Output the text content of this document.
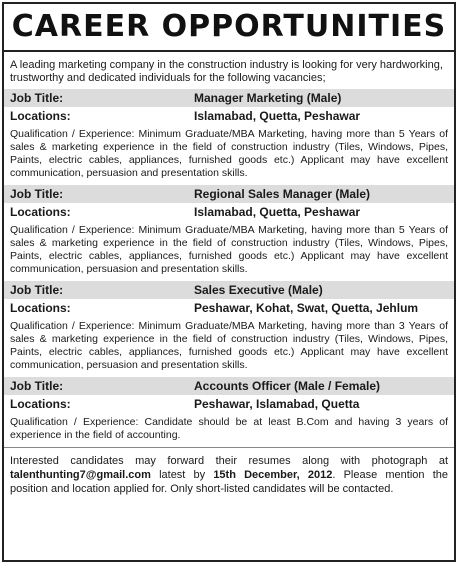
CAREER OPPORTUNITIES
A leading marketing company in the construction industry is looking for very hardworking, trustworthy and dedicated individuals for the following vacancies;
Job Title:	Manager Marketing (Male)
Locations:	Islamabad, Quetta, Peshawar
Qualification / Experience: Minimum Graduate/MBA Marketing, having more than 5 Years of sales & marketing experience in the field of construction industry (Tiles, Windows, Pipes, Paints, electric cables, appliances, furnished goods etc.) Applicant may have excellent communication, persuasion and presentation skills.
Job Title:	Regional Sales Manager (Male)
Locations:	Islamabad, Quetta, Peshawar
Qualification / Experience: Minimum Graduate/MBA Marketing, having more than 5 Years of sales & marketing experience in the field of construction industry (Tiles, Windows, Pipes, Paints, electric cables, appliances, furnished goods etc.) Applicant may have excellent communication, persuasion and presentation skills.
Job Title:	Sales Executive (Male)
Locations:	Peshawar, Kohat, Swat, Quetta, Jehlum
Qualification / Experience: Minimum Graduate/MBA Marketing, having more than 3 Years of sales & marketing experience in the field of construction industry (Tiles, Windows, Pipes, Paints, electric cables, appliances, furnished goods etc.) Applicant may have excellent communication, persuasion and presentation skills.
Job Title:	Accounts Officer (Male / Female)
Locations:	Peshawar, Islamabad, Quetta
Qualification / Experience: Candidate should be at least B.Com and having 3 years of experience in the field of accounting.
Interested candidates may forward their resumes along with photograph at talenthunting7@gmail.com latest by 15th December, 2012. Please mention the position and location applied for. Only short-listed candidates will be contacted.
